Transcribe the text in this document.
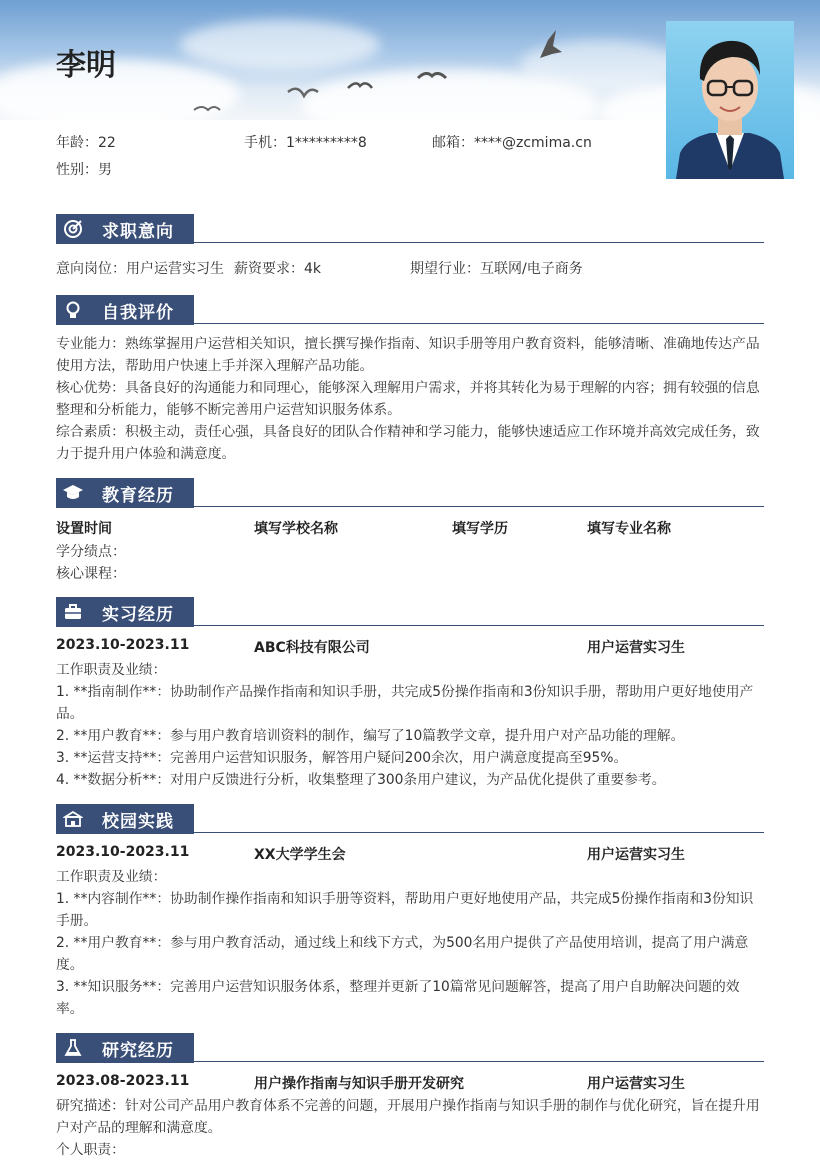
李明
年龄：22	手机：1*********8	邮箱：****@zcmima.cn
性别：男
求职意向
意向岗位：用户运营实习生 薪资要求：4k	期望行业：互联网/电子商务
自我评价
专业能力：熟练掌握用户运营相关知识，擅长撰写操作指南、知识手册等用户教育资料，能够清晰、准确地传达产品使用方法，帮助用户快速上手并深入理解产品功能。
核心优势：具备良好的沟通能力和同理心，能够深入理解用户需求，并将其转化为易于理解的内容；拥有较强的信息整理和分析能力，能够不断完善用户运营知识服务体系。
综合素质：积极主动，责任心强，具备良好的团队合作精神和学习能力，能够快速适应工作环境并高效完成任务，致力于提升用户体验和满意度。
教育经历
设置时间	填写学校名称	填写学历	填写专业名称
学分绩点：
核心课程：
实习经历
2023.10-2023.11	ABC科技有限公司	用户运营实习生
工作职责及业绩：
1. **指南制作**：协助制作产品操作指南和知识手册，共完成5份操作指南和3份知识手册，帮助用户更好地使用产品。
2. **用户教育**：参与用户教育培训资料的制作，编写了10篇教学文章，提升用户对产品功能的理解。
3. **运营支持**：完善用户运营知识服务，解答用户疑问200余次，用户满意度提高至95%。
4. **数据分析**：对用户反馈进行分析，收集整理了300条用户建议，为产品优化提供了重要参考。
校园实践
2023.10-2023.11	XX大学学生会	用户运营实习生
工作职责及业绩：
1. **内容制作**：协助制作操作指南和知识手册等资料，帮助用户更好地使用产品，共完成5份操作指南和3份知识手册。
2. **用户教育**：参与用户教育活动，通过线上和线下方式，为500名用户提供了产品使用培训，提高了用户满意度。
3. **知识服务**：完善用户运营知识服务体系，整理并更新了10篇常见问题解答，提高了用户自助解决问题的效率。
研究经历
2023.08-2023.11	用户操作指南与知识手册开发研究	用户运营实习生
研究描述：针对公司产品用户教育体系不完善的问题，开展用户操作指南与知识手册的制作与优化研究，旨在提升用户对产品的理解和满意度。
个人职责：
